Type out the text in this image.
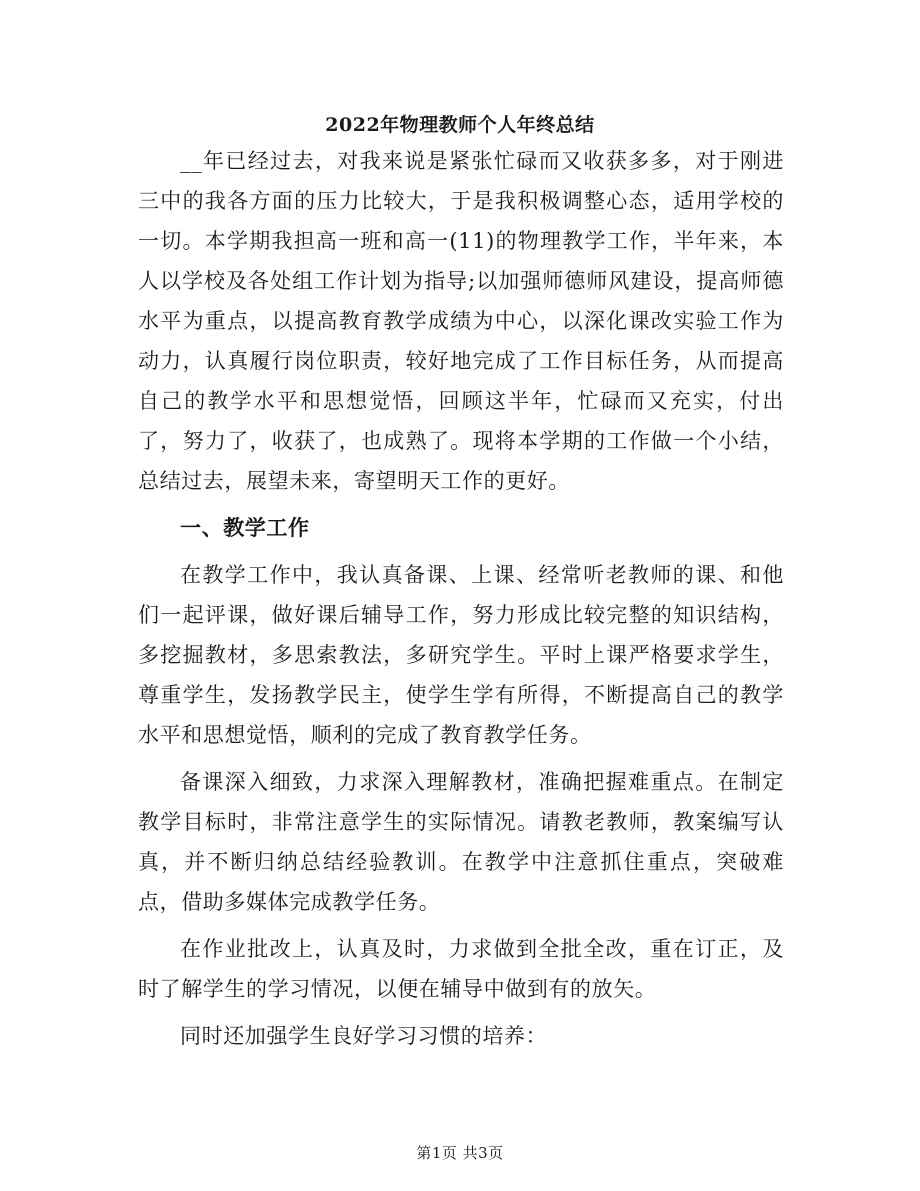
2022年物理教师个人年终总结

__年已经过去，对我来说是紧张忙碌而又收获多多，对于刚进三中的我各方面的压力比较大，于是我积极调整心态，适用学校的一切。本学期我担高一班和高一(11)的物理教学工作，半年来，本人以学校及各处组工作计划为指导;以加强师德师风建设，提高师德水平为重点，以提高教育教学成绩为中心，以深化课改实验工作为动力，认真履行岗位职责，较好地完成了工作目标任务，从而提高自己的教学水平和思想觉悟，回顾这半年，忙碌而又充实，付出了，努力了，收获了，也成熟了。现将本学期的工作做一个小结，总结过去，展望未来，寄望明天工作的更好。

一、教学工作

在教学工作中，我认真备课、上课、经常听老教师的课、和他们一起评课，做好课后辅导工作，努力形成比较完整的知识结构，多挖掘教材，多思索教法，多研究学生。平时上课严格要求学生，尊重学生，发扬教学民主，使学生学有所得，不断提高自己的教学水平和思想觉悟，顺利的完成了教育教学任务。

备课深入细致，力求深入理解教材，准确把握难重点。在制定教学目标时，非常注意学生的实际情况。请教老教师，教案编写认真，并不断归纳总结经验教训。在教学中注意抓住重点，突破难点，借助多媒体完成教学任务。

在作业批改上，认真及时，力求做到全批全改，重在订正，及时了解学生的学习情况，以便在辅导中做到有的放矢。

同时还加强学生良好学习习惯的培养：

第1页 共3页
